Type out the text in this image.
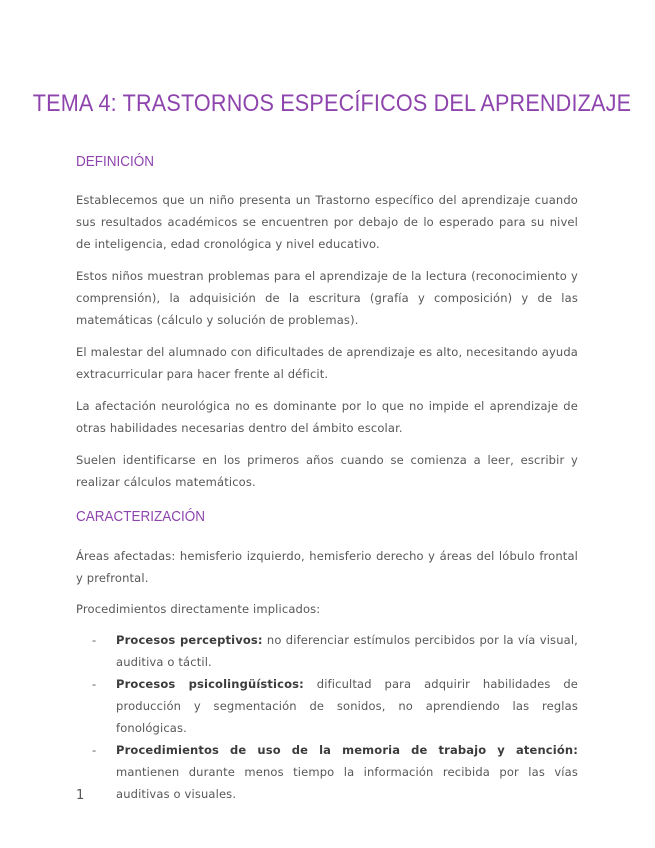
TEMA 4: TRASTORNOS ESPECÍFICOS DEL APRENDIZAJE
DEFINICIÓN

Establecemos que un niño presenta un Trastorno específico del aprendizaje cuando sus resultados académicos se encuentren por debajo de lo esperado para su nivel de inteligencia, edad cronológica y nivel educativo.

Estos niños muestran problemas para el aprendizaje de la lectura (reconocimiento y comprensión), la adquisición de la escritura (grafía y composición) y de las matemáticas (cálculo y solución de problemas).

El malestar del alumnado con dificultades de aprendizaje es alto, necesitando ayuda extracurricular para hacer frente al déficit.

La afectación neurológica no es dominante por lo que no impide el aprendizaje de otras habilidades necesarias dentro del ámbito escolar.

Suelen identificarse en los primeros años cuando se comienza a leer, escribir y realizar cálculos matemáticos.

CARACTERIZACIÓN

Áreas afectadas: hemisferio izquierdo, hemisferio derecho y áreas del lóbulo frontal y prefrontal.

Procedimientos directamente implicados:

- Procesos perceptivos: no diferenciar estímulos percibidos por la vía visual, auditiva o táctil.
- Procesos psicolingüísticos: dificultad para adquirir habilidades de producción y segmentación de sonidos, no aprendiendo las reglas fonológicas.
- Procedimientos de uso de la memoria de trabajo y atención: mantienen durante menos tiempo la información recibida por las vías auditivas o visuales.
1
